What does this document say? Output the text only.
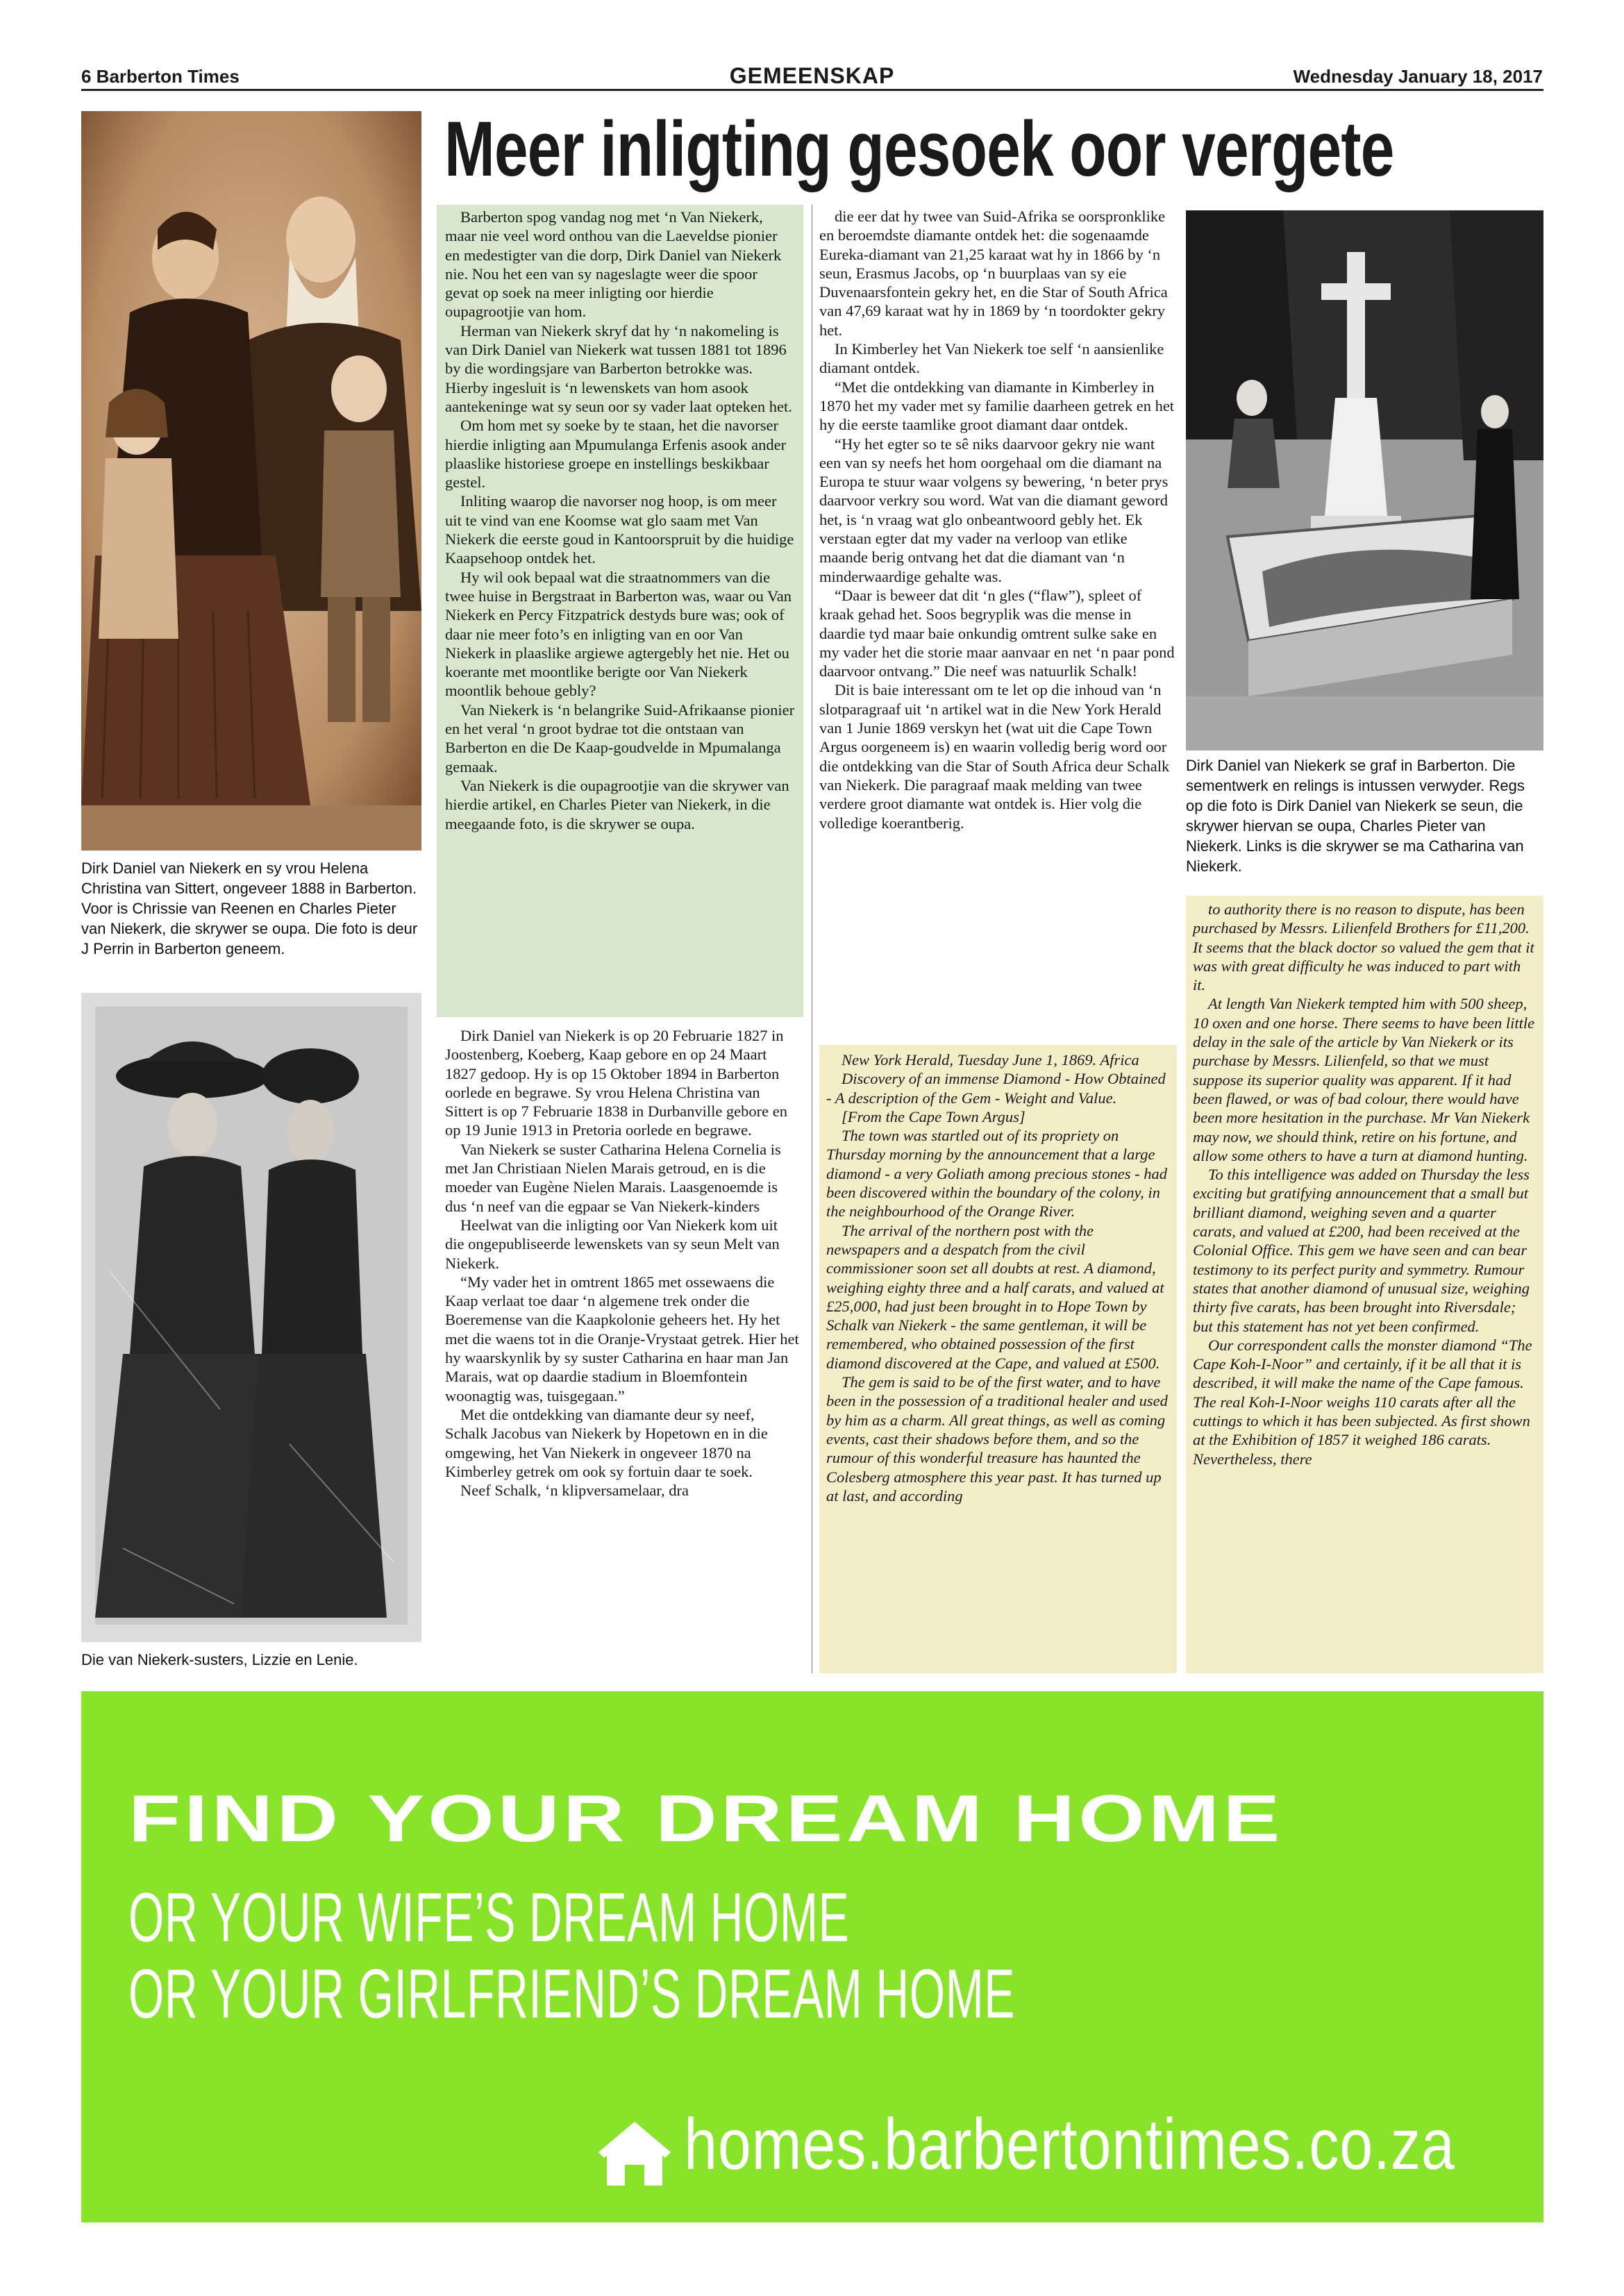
6 Barberton Times	GEMEENSKAP	Wednesday January 18, 2017
Meer inligting gesoek oor vergete
Dirk Daniel van Niekerk en sy vrou Helena Christina van Sittert, ongeveer 1888 in Barberton. Voor is Chrissie van Reenen en Charles Pieter van Niekerk, die skrywer se oupa. Die foto is deur J Perrin in Barberton geneem.
Die van Niekerk-susters, Lizzie en Lenie.
Dirk Daniel van Niekerk se graf in Barberton. Die sementwerk en relings is intussen verwyder. Regs op die foto is Dirk Daniel van Niekerk se seun, die skrywer hiervan se oupa, Charles Pieter van Niekerk. Links is die skrywer se ma Catharina van Niekerk.

Barberton spog vandag nog met ‘n Van Niekerk, maar nie veel word onthou van die Laeveldse pionier en medestigter van die dorp, Dirk Daniel van Niekerk nie. Nou het een van sy nageslagte weer die spoor gevat op soek na meer inligting oor hierdie oupagrootjie van hom.

Herman van Niekerk skryf dat hy ‘n nakomeling is van Dirk Daniel van Niekerk wat tussen 1881 tot 1896 by die wordingsjare van Barberton betrokke was. Hierby ingesluit is ‘n lewenskets van hom asook aantekeninge wat sy seun oor sy vader laat opteken het.

Om hom met sy soeke by te staan, het die navorser hierdie inligting aan Mpumulanga Erfenis asook ander plaaslike historiese groepe en instellings beskikbaar gestel.

Inliting waarop die navorser nog hoop, is om meer uit te vind van ene Koomse wat glo saam met Van Niekerk die eerste goud in Kantoorspruit by die huidige Kaapsehoop ontdek het.

Hy wil ook bepaal wat die straatnommers van die twee huise in Bergstraat in Barberton was, waar ou Van Niekerk en Percy Fitzpatrick destyds bure was; ook of daar nie meer foto’s en inligting van en oor Van Niekerk in plaaslike argiewe agtergebly het nie. Het ou koerante met moontlike berigte oor Van Niekerk moontlik behoue gebly?

Van Niekerk is ‘n belangrike Suid-Afrikaanse pionier en het veral ‘n groot bydrae tot die ontstaan van Barberton en die De Kaap-goudvelde in Mpumalanga gemaak.

Van Niekerk is die oupagrootjie van die skrywer van hierdie artikel, en Charles Pieter van Niekerk, in die meegaande foto, is die skrywer se oupa.

Dirk Daniel van Niekerk is op 20 Februarie 1827 in Joostenberg, Koeberg, Kaap gebore en op 24 Maart 1827 gedoop. Hy is op 15 Oktober 1894 in Barberton oorlede en begrawe. Sy vrou Helena Christina van Sittert is op 7 Februarie 1838 in Durbanville gebore en op 19 Junie 1913 in Pretoria oorlede en begrawe.

Van Niekerk se suster Catharina Helena Cornelia is met Jan Christiaan Nielen Marais getroud, en is die moeder van Eugène Nielen Marais. Laasgenoemde is dus ‘n neef van die egpaar se Van Niekerk-kinders

Heelwat van die inligting oor Van Niekerk kom uit die ongepubliseerde lewenskets van sy seun Melt van Niekerk.

“My vader het in omtrent 1865 met ossewaens die Kaap verlaat toe daar ‘n algemene trek onder die Boeremense van die Kaapkolonie geheers het. Hy het met die waens tot in die Oranje-Vrystaat getrek. Hier het hy waarskynlik by sy suster Catharina en haar man Jan Marais, wat op daardie stadium in Bloemfontein woonagtig was, tuisgegaan.”

Met die ontdekking van diamante deur sy neef, Schalk Jacobus van Niekerk by Hopetown en in die omgewing, het Van Niekerk in ongeveer 1870 na Kimberley getrek om ook sy fortuin daar te soek.

Neef Schalk, ‘n klipversamelaar, dra

die eer dat hy twee van Suid-Afrika se oorspronklike en beroemdste diamante ontdek het: die sogenaamde Eureka-diamant van 21,25 karaat wat hy in 1866 by ‘n seun, Erasmus Jacobs, op ‘n buurplaas van sy eie Duvenaarsfontein gekry het, en die Star of South Africa van 47,69 karaat wat hy in 1869 by ‘n toordokter gekry het.

In Kimberley het Van Niekerk toe self ‘n aansienlike diamant ontdek.

“Met die ontdekking van diamante in Kimberley in 1870 het my vader met sy familie daarheen getrek en het hy die eerste taamlike groot diamant daar ontdek.

“Hy het egter so te sê niks daarvoor gekry nie want een van sy neefs het hom oorgehaal om die diamant na Europa te stuur waar volgens sy bewering, ‘n beter prys daarvoor verkry sou word. Wat van die diamant geword het, is ‘n vraag wat glo onbeantwoord gebly het. Ek verstaan egter dat my vader na verloop van etlike maande berig ontvang het dat die diamant van ‘n minderwaardige gehalte was.

“Daar is beweer dat dit ‘n gles (“flaw”), spleet of kraak gehad het. Soos begryplik was die mense in daardie tyd maar baie onkundig omtrent sulke sake en my vader het die storie maar aanvaar en net ‘n paar pond daarvoor ontvang.” Die neef was natuurlik Schalk!

Dit is baie interessant om te let op die inhoud van ‘n slotparagraaf uit ‘n artikel wat in die New York Herald van 1 Junie 1869 verskyn het (wat uit die Cape Town Argus oorgeneem is) en waarin volledig berig word oor die ontdekking van die Star of South Africa deur Schalk van Niekerk. Die paragraaf maak melding van twee verdere groot diamante wat ontdek is. Hier volg die volledige koerantberig.

New York Herald, Tuesday June 1, 1869. Africa

Discovery of an immense Diamond - How Obtained - A description of the Gem - Weight and Value.

[From the Cape Town Argus]

The town was startled out of its propriety on Thursday morning by the announcement that a large diamond - a very Goliath among precious stones - had been discovered within the boundary of the colony, in the neighbourhood of the Orange River.

The arrival of the northern post with the newspapers and a despatch from the civil commissioner soon set all doubts at rest. A diamond, weighing eighty three and a half carats, and valued at £25,000, had just been brought in to Hope Town by Schalk van Niekerk - the same gentleman, it will be remembered, who obtained possession of the first diamond discovered at the Cape, and valued at £500.

The gem is said to be of the first water, and to have been in the possession of a traditional healer and used by him as a charm. All great things, as well as coming events, cast their shadows before them, and so the rumour of this wonderful treasure has haunted the Colesberg atmosphere this year past. It has turned up at last, and according

to authority there is no reason to dispute, has been purchased by Messrs. Lilienfeld Brothers for £11,200. It seems that the black doctor so valued the gem that it was with great difficulty he was induced to part with it.

At length Van Niekerk tempted him with 500 sheep, 10 oxen and one horse. There seems to have been little delay in the sale of the article by Van Niekerk or its purchase by Messrs. Lilienfeld, so that we must suppose its superior quality was apparent. If it had been flawed, or was of bad colour, there would have been more hesitation in the purchase. Mr Van Niekerk may now, we should think, retire on his fortune, and allow some others to have a turn at diamond hunting.

To this intelligence was added on Thursday the less exciting but gratifying announcement that a small but brilliant diamond, weighing seven and a quarter carats, and valued at £200, had been received at the Colonial Office. This gem we have seen and can bear testimony to its perfect purity and symmetry. Rumour states that another diamond of unusual size, weighing thirty five carats, has been brought into Riversdale; but this statement has not yet been confirmed.

Our correspondent calls the monster diamond “The Cape Koh-I-Noor” and certainly, if it be all that it is described, it will make the name of the Cape famous. The real Koh-I-Noor weighs 110 carats after all the cuttings to which it has been subjected. As first shown at the Exhibition of 1857 it weighed 186 carats. Nevertheless, there

FIND YOUR DREAM HOME
OR YOUR WIFE’S DREAM HOME
OR YOUR GIRLFRIEND’S DREAM HOME
homes.barbertontimes.co.za
